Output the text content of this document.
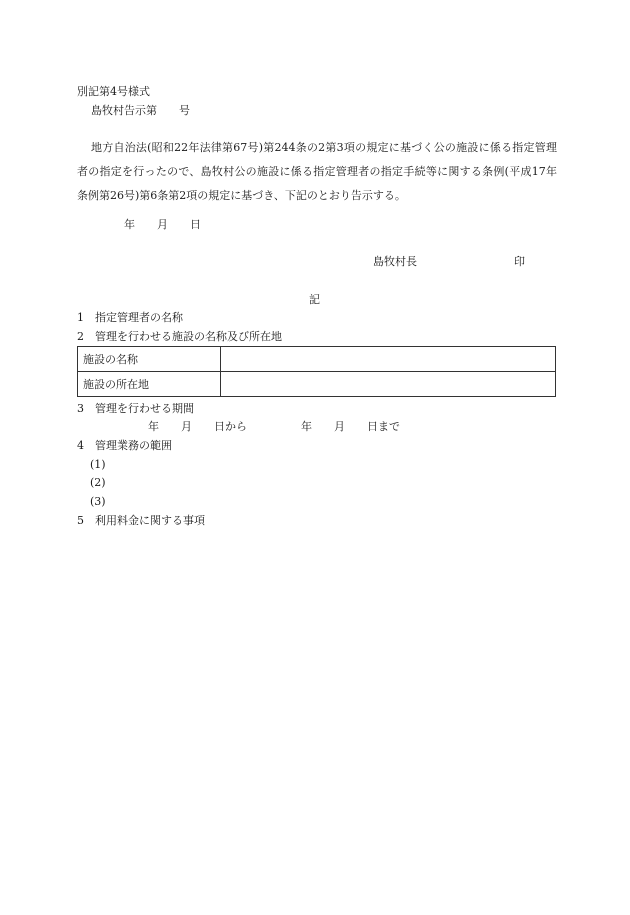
別記第4号様式
島牧村告示第　　号
地方自治法(昭和22年法律第67号)第244条の2第3項の規定に基づく公の施設に係る指定管理者の指定を行ったので、島牧村公の施設に係る指定管理者の指定手続等に関する条例(平成17年条例第26号)第6条第2項の規定に基づき、下記のとおり告示する。
年　　月　　日
島牧村長	印
記
1　指定管理者の名称
2　管理を行わせる施設の名称及び所在地
施設の名称	
施設の所在地	
3　管理を行わせる期間
年　　月　　日から	年　　月　　日まで
4　管理業務の範囲
(1)
(2)
(3)
5　利用料金に関する事項
